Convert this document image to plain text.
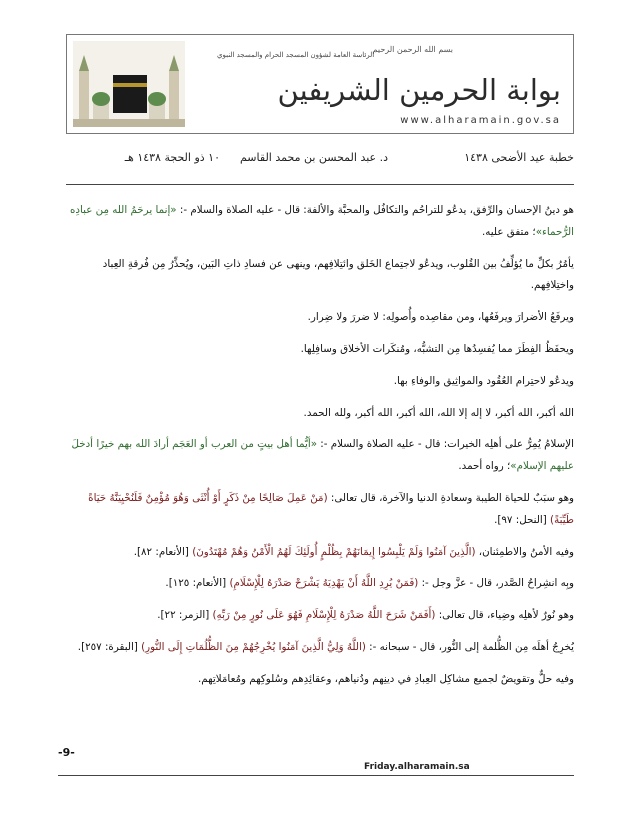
الرئاسة العامة لشؤون المسجد الحرام والمسجد النبوي
بسم الله الرحمن الرحيم
بوابة الحرمين الشريفين
www.alharamain.gov.sa
خطبة عيد الأضحى ١٤٣٨
د. عبد المحسن بن محمد القاسم
١٠ ذو الحجة ١٤٣٨ هـ

هو دينُ الإحسان والرِّفق، يدعُو للتراحُم والتكافُل والمحبَّة والألفة: قال - عليه الصلاة والسلام -: «إنما يرحَمُ الله مِن عبادِه الرُّحماء»؛ متفق عليه.

يأمُرُ بكلِّ ما يُؤلِّفُ بين القُلوب، ويدعُو لاجتِماع الخَلق وائتِلافِهم، وينهى عن فسادِ ذاتِ البَين، ويُحذِّرُ مِن فُرقةِ العِباد واختِلافِهم.

ويرفَعُ الأضرارَ ويرفَعُها، ومن مقاصِده وأُصولِه: لا ضررَ ولا ضِرار.

ويحفَظُ الفِطَرَ مما يُفسِدُها مِن التشبُّه، ومُنكَرات الأخلاق وسافِلِها.

ويدعُو لاحتِرام العُقُود والمواثِيق والوفاءِ بها.

الله أكبر، الله أكبر، لا إله إلا الله، الله أكبر، الله أكبر، ولله الحمد.

الإسلامُ يُمِرُّ على أهلِه الخيرات: قال - عليه الصلاة والسلام -: «أيُّما أهل بيتٍ من العرب أو العَجَم أرادَ الله بهم خيرًا أدخلَ عليهم الإسلام»؛ رواه أحمد.

وهو سبَبٌ للحياة الطيبة وسعادةِ الدنيا والآخرة، قال تعالى: (مَنْ عَمِلَ صَالِحًا مِنْ ذَكَرٍ أَوْ أُنْثَى وَهُوَ مُؤْمِنٌ فَلَنُحْيِيَنَّهُ حَيَاةً طَيِّبَةً) [النحل: ٩٧].

وفيه الأمنُ والاطمِئنان، (الَّذِينَ آمَنُوا وَلَمْ يَلْبِسُوا إِيمَانَهُمْ بِظُلْمٍ أُولَئِكَ لَهُمُ الْأَمْنُ وَهُمْ مُهْتَدُونَ) [الأنعام: ٨٢].

وبِه انشِراحُ الصَّدر، قال - عزَّ وجل -: (فَمَنْ يُرِدِ اللَّهُ أَنْ يَهْدِيَهُ يَشْرَحْ صَدْرَهُ لِلْإِسْلَامِ) [الأنعام: ١٢٥].

وهو نُورٌ لأهلِه وضِياء، قال تعالى: (أَفَمَنْ شَرَحَ اللَّهُ صَدْرَهُ لِلْإِسْلَامِ فَهُوَ عَلَى نُورٍ مِنْ رَبِّهِ) [الزمر: ٢٢].

يُخرِجُ أهلَه مِن الظُّلمة إلى النُّور، قال - سبحانه -: (اللَّهُ وَلِيُّ الَّذِينَ آمَنُوا يُخْرِجُهُمْ مِنَ الظُّلُمَاتِ إِلَى النُّورِ) [البقرة: ٢٥٧].

وفيه حلٌّ وتقويضٌ لجميع مشاكِل العِبادِ في دينِهم ودُنياهم، وعقائِدِهم وسُلوكِهم ومُعامَلاتِهم.

-9-
Friday.alharamain.sa
